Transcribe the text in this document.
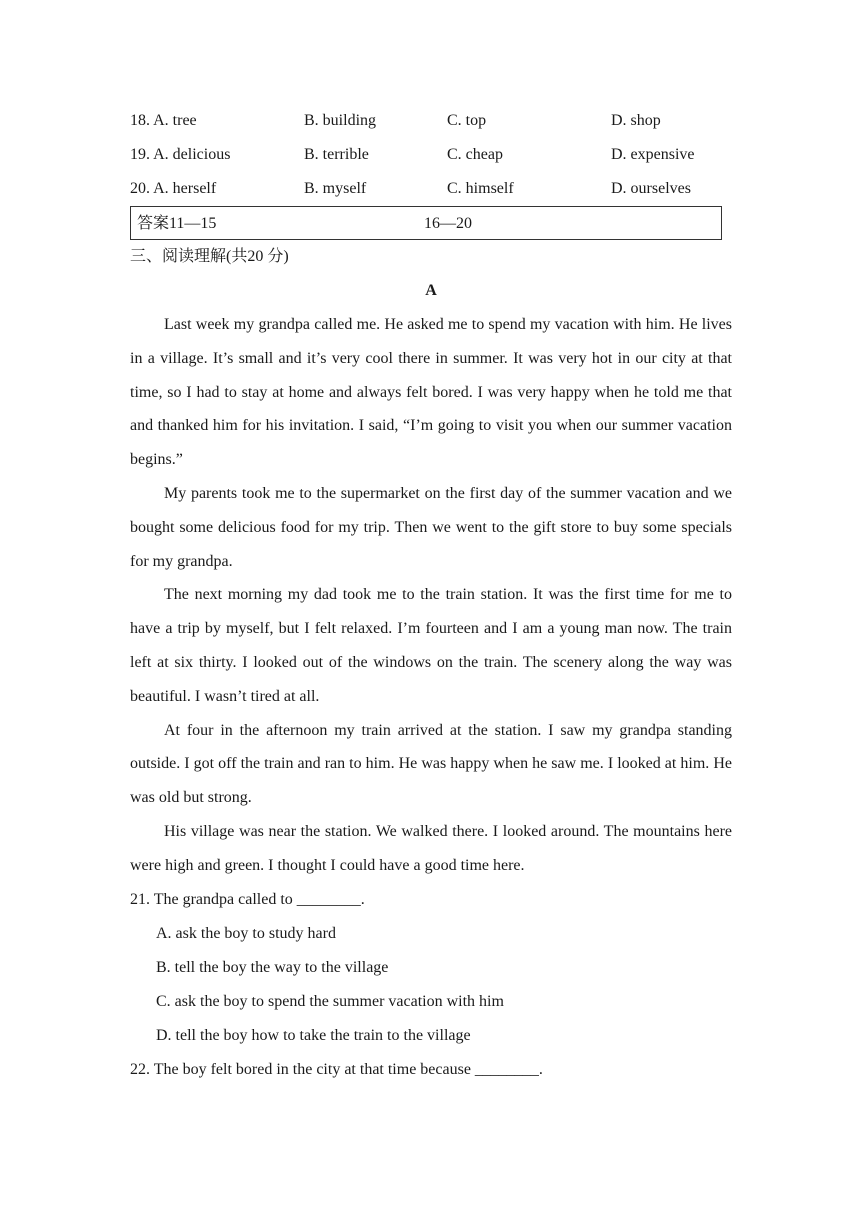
18. A. tree	B. building	C. top	D. shop
19. A. delicious	B. terrible	C. cheap	D. expensive
20. A. herself	B. myself	C. himself	D. ourselves
答案11—15	16—20
三、阅读理解(共20 分)
A

Last week my grandpa called me. He asked me to spend my vacation with him. He lives in a village. It’s small and it’s very cool there in summer. It was very hot in our city at that time, so I had to stay at home and always felt bored. I was very happy when he told me that and thanked him for his invitation. I said, “I’m going to visit you when our summer vacation begins.”

My parents took me to the supermarket on the first day of the summer vacation and we bought some delicious food for my trip. Then we went to the gift store to buy some specials for my grandpa.

The next morning my dad took me to the train station. It was the first time for me to have a trip by myself, but I felt relaxed. I’m fourteen and I am a young man now. The train left at six thirty. I looked out of the windows on the train. The scenery along the way was beautiful. I wasn’t tired at all.

At four in the afternoon my train arrived at the station. I saw my grandpa standing outside. I got off the train and ran to him. He was happy when he saw me. I looked at him. He was old but strong.

His village was near the station. We walked there. I looked around. The mountains here were high and green. I thought I could have a good time here.

21. The grandpa called to ________.
A. ask the boy to study hard
B. tell the boy the way to the village
C. ask the boy to spend the summer vacation with him
D. tell the boy how to take the train to the village
22. The boy felt bored in the city at that time because ________.
